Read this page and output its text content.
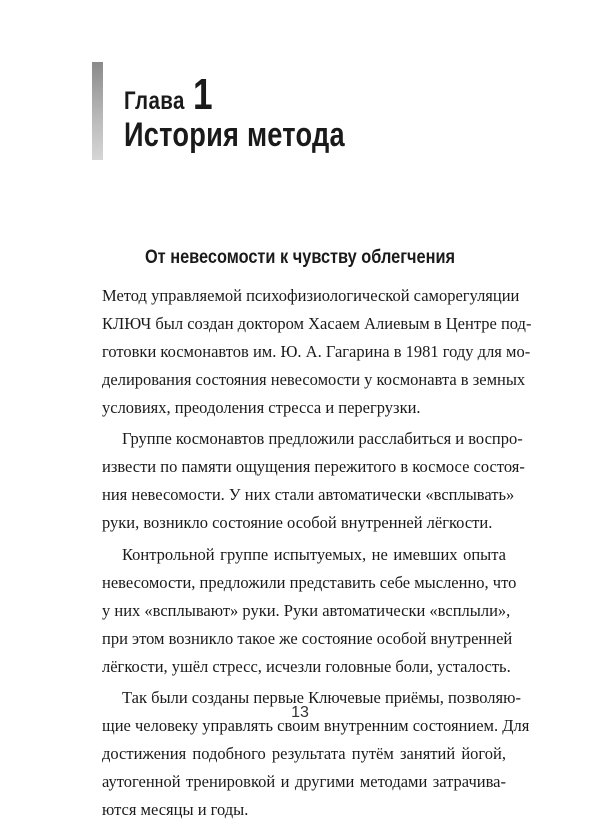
Глава 1
История метода
От невесомости к чувству облегчения
Метод управляемой психофизиологической саморегуляции
КЛЮЧ был создан доктором Хасаем Алиевым в Центре под-
готовки космонавтов им. Ю. А. Гагарина в 1981 году для мо-
делирования состояния невесомости у космонавта в земных
условиях, преодоления стресса и перегрузки.
Группе космонавтов предложили расслабиться и воспро-
извести по памяти ощущения пережитого в космосе состоя-
ния невесомости. У них стали автоматически «всплывать»
руки, возникло состояние особой внутренней лёгкости.
Контрольной группе испытуемых, не имевших опыта
невесомости, предложили представить себе мысленно, что
у них «всплывают» руки. Руки автоматически «всплыли»,
при этом возникло такое же состояние особой внутренней
лёгкости, ушёл стресс, исчезли головные боли, усталость.
Так были созданы первые Ключевые приёмы, позволяю-
щие человеку управлять своим внутренним состоянием. Для
достижения подобного результата путём занятий йогой,
аутогенной тренировкой и другими методами затрачива-
ются месяцы и годы.
13
